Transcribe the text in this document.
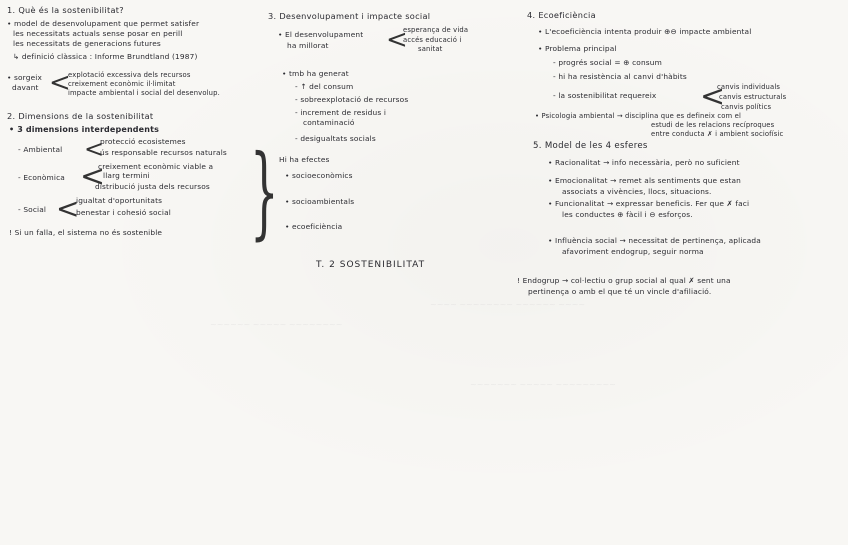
~~~~~~ ~~~~~ ~~~~~~~~
~~~~ ~~~~~~~~ ~~~~~~ ~~~~
~~~~~~~ ~~~~~ ~~~~~~~~~
1. Què és la sostenibilitat?
• model de desenvolupament que permet satisfer
les necessitats actuals sense posar en perill
les necessitats de generacions futures
↳ definició clàssica : Informe Brundtland (1987)
• sorgeix
davant <
explotació excessiva dels recursos
creixement econòmic il·limitat
impacte ambiental i social del desenvolup.
2. Dimensions de la sostenibilitat
• 3 dimensions interdependents
- Ambiental <
protecció ecosistemes
ús responsable recursos naturals
- Econòmica <
creixement econòmic viable a
llarg termini
distribució justa dels recursos
- Social <
igualtat d'oportunitats
benestar i cohesió social }
! Si un falla, el sistema no és sostenible
3. Desenvolupament i impacte social
• El desenvolupament
ha millorat <
esperança de vida
accés educació i
sanitat
• tmb ha generat
- ↑ del consum
- sobreexplotació de recursos
- increment de residus i
contaminació
- desigualtats socials
Hi ha efectes
• socioeconòmics
• socioambientals
• ecoeficiència
T. 2 SOSTENIBILITAT
4. Ecoeficiència
• L'ecoeficiència intenta produir ⊕⊖ impacte ambiental
• Problema principal
- progrés social = ⊕ consum
- hi ha resistència al canvi d'hàbits
- la sostenibilitat requereix <
canvis individuals
canvis estructurals
canvis polítics
• Psicologia ambiental → disciplina que es defineix com el
estudi de les relacions recíproques
entre conducta ✗ i ambient sociofísic
5. Model de les 4 esferes
• Racionalitat → info necessària, però no suficient
• Emocionalitat → remet als sentiments que estan
associats a vivències, llocs, situacions.
• Funcionalitat → expressar beneficis. Fer que ✗ faci
les conductes ⊕ fàcil i ⊖ esforços.
• Influència social → necessitat de pertinença, aplicada
afavoriment endogrup, seguir norma
! Endogrup → col·lectiu o grup social al qual ✗ sent una
pertinença o amb el que té un vincle d'afiliació.
